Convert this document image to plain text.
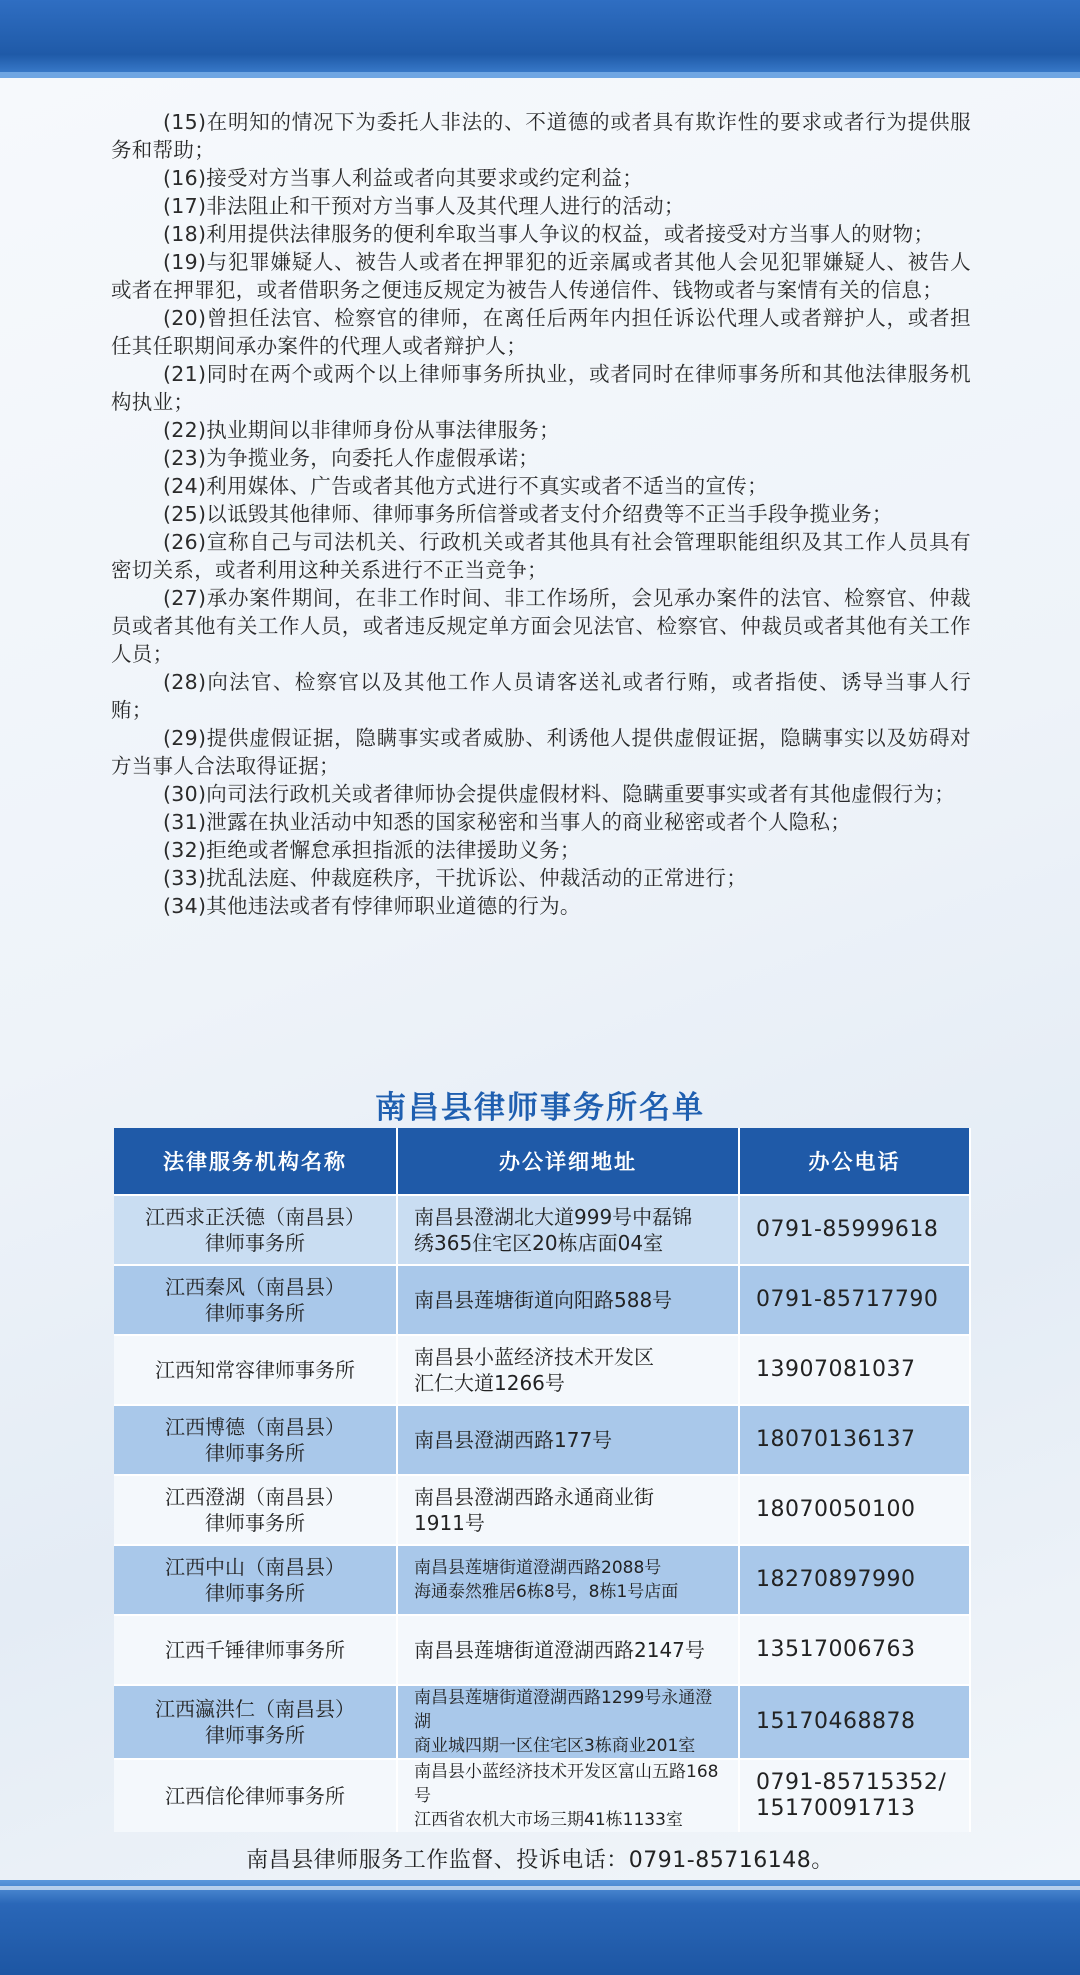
(15)在明知的情况下为委托人非法的、不道德的或者具有欺诈性的要求或者行为提供服务和帮助；

(16)接受对方当事人利益或者向其要求或约定利益；

(17)非法阻止和干预对方当事人及其代理人进行的活动；

(18)利用提供法律服务的便利牟取当事人争议的权益，或者接受对方当事人的财物；

(19)与犯罪嫌疑人、被告人或者在押罪犯的近亲属或者其他人会见犯罪嫌疑人、被告人或者在押罪犯，或者借职务之便违反规定为被告人传递信件、钱物或者与案情有关的信息；

(20)曾担任法官、检察官的律师，在离任后两年内担任诉讼代理人或者辩护人，或者担任其任职期间承办案件的代理人或者辩护人；

(21)同时在两个或两个以上律师事务所执业，或者同时在律师事务所和其他法律服务机构执业；

(22)执业期间以非律师身份从事法律服务；

(23)为争揽业务，向委托人作虚假承诺；

(24)利用媒体、广告或者其他方式进行不真实或者不适当的宣传；

(25)以诋毁其他律师、律师事务所信誉或者支付介绍费等不正当手段争揽业务；

(26)宣称自己与司法机关、行政机关或者其他具有社会管理职能组织及其工作人员具有密切关系，或者利用这种关系进行不正当竞争；

(27)承办案件期间，在非工作时间、非工作场所，会见承办案件的法官、检察官、仲裁员或者其他有关工作人员，或者违反规定单方面会见法官、检察官、仲裁员或者其他有关工作人员；

(28)向法官、检察官以及其他工作人员请客送礼或者行贿，或者指使、诱导当事人行贿；

(29)提供虚假证据，隐瞒事实或者威胁、利诱他人提供虚假证据，隐瞒事实以及妨碍对方当事人合法取得证据；

(30)向司法行政机关或者律师协会提供虚假材料、隐瞒重要事实或者有其他虚假行为；

(31)泄露在执业活动中知悉的国家秘密和当事人的商业秘密或者个人隐私；

(32)拒绝或者懈怠承担指派的法律援助义务；

(33)扰乱法庭、仲裁庭秩序，干扰诉讼、仲裁活动的正常进行；

(34)其他违法或者有悖律师职业道德的行为。

南昌县律师事务所名单
法律服务机构名称	办公详细地址	办公电话
江西求正沃德（南昌县）
律师事务所	南昌县澄湖北大道999号中磊锦
绣365住宅区20栋店面04室	0791-85999618
江西秦风（南昌县）
律师事务所	南昌县莲塘街道向阳路588号	0791-85717790
江西知常容律师事务所	南昌县小蓝经济技术开发区
汇仁大道1266号	13907081037
江西博德（南昌县）
律师事务所	南昌县澄湖西路177号	18070136137
江西澄湖（南昌县）
律师事务所	南昌县澄湖西路永通商业街
1911号	18070050100
江西中山（南昌县）
律师事务所	南昌县莲塘街道澄湖西路2088号
海通泰然雅居6栋8号，8栋1号店面	18270897990
江西千锤律师事务所	南昌县莲塘街道澄湖西路2147号	13517006763
江西瀛洪仁（南昌县）
律师事务所	南昌县莲塘街道澄湖西路1299号永通澄湖
商业城四期一区住宅区3栋商业201室	15170468878
江西信伦律师事务所	南昌县小蓝经济技术开发区富山五路168号
江西省农机大市场三期41栋1133室	0791-85715352/
15170091713
南昌县律师服务工作监督、投诉电话：0791-85716148。
